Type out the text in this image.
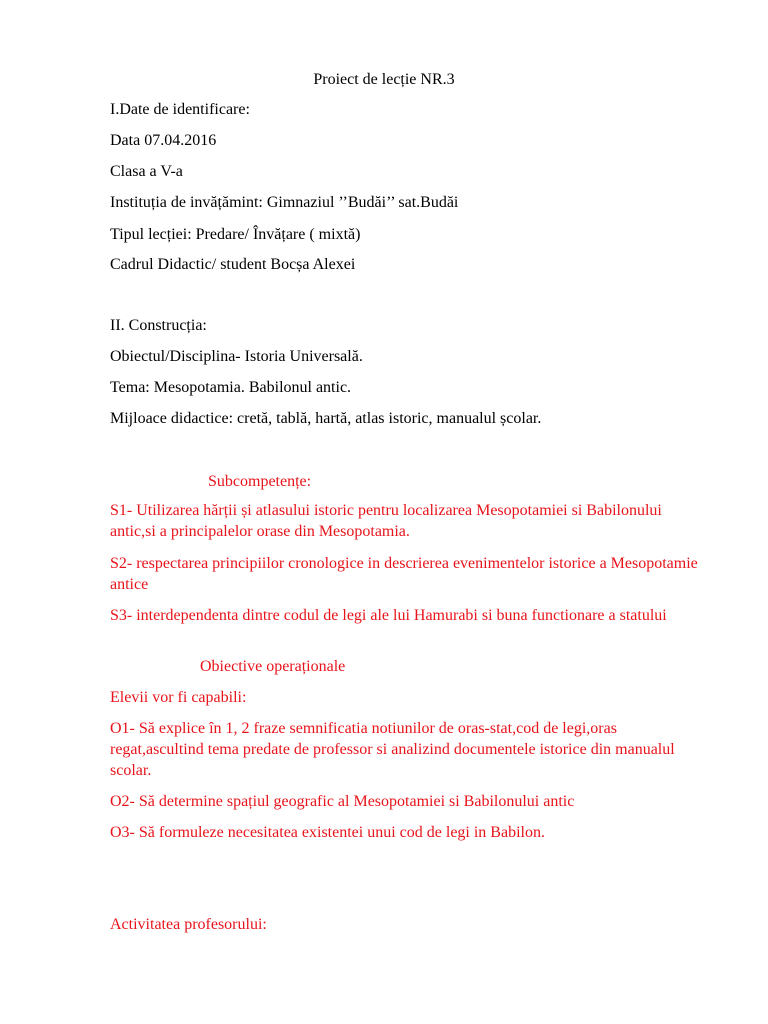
Proiect de lecție NR.3
I.Date de identificare:
Data 07.04.2016
Clasa a V-a
Instituția de invățămint: Gimnaziul ’’Budăi’’ sat.Budăi
Tipul lecției: Predare/ Învățare ( mixtă)
Cadrul Didactic/ student Bocșa Alexei
II. Construcția:
Obiectul/Disciplina- Istoria Universală.
Tema: Mesopotamia. Babilonul antic.
Mijloace didactice: cretă, tablă, hartă, atlas istoric, manualul școlar.
Subcompetențe:
S1- Utilizarea hărții și atlasului istoric pentru localizarea Mesopotamiei si Babilonului antic,si a principalelor orase din Mesopotamia.
S2- respectarea principiilor cronologice in descrierea evenimentelor istorice a Mesopotamie antice
S3- interdependenta dintre codul de legi ale lui Hamurabi si buna functionare a statului
Obiective operaționale
Elevii vor fi capabili:
O1- Să explice în 1, 2 fraze semnificatia notiunilor de oras-stat,cod de legi,oras regat,ascultind tema predate de professor si analizind documentele istorice din manualul scolar.
O2- Să determine spațiul geografic al Mesopotamiei si Babilonului antic
O3- Să formuleze necesitatea existentei unui cod de legi in Babilon.
Activitatea profesorului:
